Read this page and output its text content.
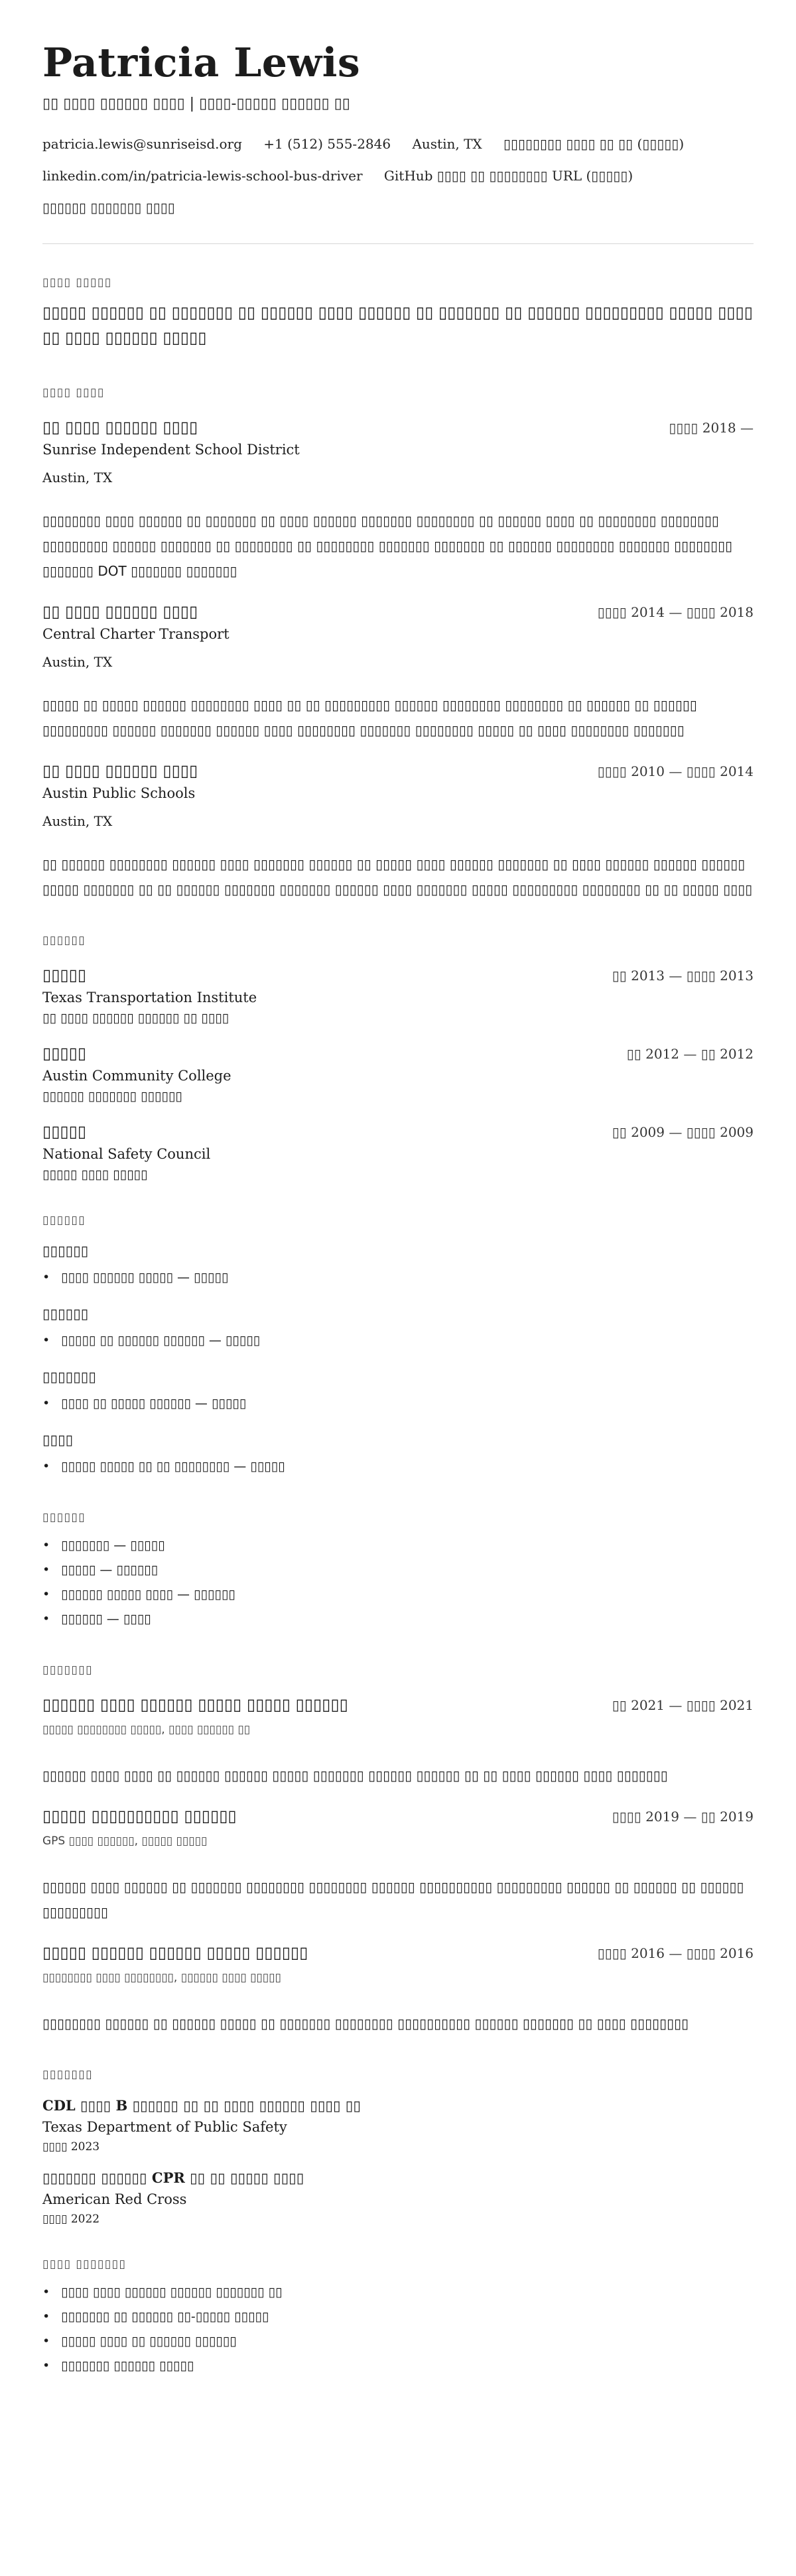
Patricia Lewis
▯▯ ▯▯▯▯ ▯▯▯▯▯▯ ▯▯▯▯ | ▯▯▯▯-▯▯▯▯▯ ▯▯▯▯▯▯ ▯▯
patricia.lewis@sunriseisd.org +1 (512) 555-2846 Austin, TX ▯▯▯▯▯▯▯▯ ▯▯▯▯ ▯▯ ▯▯ (▯▯▯▯▯)
linkedin.com/in/patricia-lewis-school-bus-driver GitHub ▯▯▯▯ ▯▯ ▯▯▯▯▯▯▯▯ URL (▯▯▯▯▯) ▯▯▯▯▯▯ ▯▯▯▯▯▯▯ ▯▯▯▯
▯▯▯▯ ▯▯▯▯▯
▯▯▯▯▯ ▯▯▯▯▯▯ ▯▯ ▯▯▯▯▯▯▯ ▯▯ ▯▯▯▯▯▯ ▯▯▯▯ ▯▯▯▯▯▯ ▯▯ ▯▯▯▯▯▯▯ ▯▯ ▯▯▯▯▯▯ ▯▯▯▯▯▯▯▯▯ ▯▯▯▯▯ ▯▯▯▯ ▯▯ ▯▯▯▯ ▯▯▯▯▯▯ ▯▯▯▯▯
▯▯▯▯ ▯▯▯▯
▯▯ ▯▯▯▯ ▯▯▯▯▯▯ ▯▯▯▯	▯▯▯▯ 2018 —
Sunrise Independent School District
Austin, TX
▯▯▯▯▯▯▯▯ ▯▯▯▯ ▯▯▯▯▯▯ ▯▯ ▯▯▯▯▯▯▯ ▯▯ ▯▯▯▯ ▯▯▯▯▯▯ ▯▯▯▯▯▯▯ ▯▯▯▯▯▯▯▯ ▯▯ ▯▯▯▯▯▯ ▯▯▯▯ ▯▯ ▯▯▯▯▯▯▯▯ ▯▯▯▯▯▯▯▯ ▯▯▯▯▯▯▯▯▯ ▯▯▯▯▯▯ ▯▯▯▯▯▯▯ ▯▯ ▯▯▯▯▯▯▯▯ ▯▯ ▯▯▯▯▯▯▯▯ ▯▯▯▯▯▯▯ ▯▯▯▯▯▯▯ ▯▯ ▯▯▯▯▯▯ ▯▯▯▯▯▯▯▯ ▯▯▯▯▯▯▯ ▯▯▯▯▯▯▯▯ ▯▯▯▯▯▯▯ DOT ▯▯▯▯▯▯▯ ▯▯▯▯▯▯▯
▯▯ ▯▯▯▯ ▯▯▯▯▯▯ ▯▯▯▯	▯▯▯▯ 2014 — ▯▯▯▯ 2018
Central Charter Transport
Austin, TX
▯▯▯▯▯ ▯▯ ▯▯▯▯▯ ▯▯▯▯▯▯ ▯▯▯▯▯▯▯▯ ▯▯▯▯ ▯▯ ▯▯ ▯▯▯▯▯▯▯▯▯ ▯▯▯▯▯▯ ▯▯▯▯▯▯▯▯ ▯▯▯▯▯▯▯▯ ▯▯ ▯▯▯▯▯▯ ▯▯ ▯▯▯▯▯▯ ▯▯▯▯▯▯▯▯▯ ▯▯▯▯▯▯ ▯▯▯▯▯▯▯ ▯▯▯▯▯▯ ▯▯▯▯ ▯▯▯▯▯▯▯▯ ▯▯▯▯▯▯▯ ▯▯▯▯▯▯▯▯ ▯▯▯▯▯ ▯▯ ▯▯▯▯ ▯▯▯▯▯▯▯▯ ▯▯▯▯▯▯▯
▯▯ ▯▯▯▯ ▯▯▯▯▯▯ ▯▯▯▯	▯▯▯▯ 2010 — ▯▯▯▯ 2014
Austin Public Schools
Austin, TX
▯▯ ▯▯▯▯▯▯ ▯▯▯▯▯▯▯▯ ▯▯▯▯▯▯ ▯▯▯▯ ▯▯▯▯▯▯▯ ▯▯▯▯▯▯ ▯▯ ▯▯▯▯▯ ▯▯▯▯ ▯▯▯▯▯▯ ▯▯▯▯▯▯▯ ▯▯ ▯▯▯▯ ▯▯▯▯▯▯ ▯▯▯▯▯▯ ▯▯▯▯▯▯ ▯▯▯▯▯ ▯▯▯▯▯▯▯ ▯▯ ▯▯ ▯▯▯▯▯▯ ▯▯▯▯▯▯▯ ▯▯▯▯▯▯▯ ▯▯▯▯▯▯ ▯▯▯▯ ▯▯▯▯▯▯▯ ▯▯▯▯▯ ▯▯▯▯▯▯▯▯▯ ▯▯▯▯▯▯▯▯ ▯▯ ▯▯ ▯▯▯▯▯ ▯▯▯▯
▯▯▯▯▯▯
▯▯▯▯▯	▯▯ 2013 — ▯▯▯▯ 2013
Texas Transportation Institute
▯▯ ▯▯▯▯ ▯▯▯▯▯▯ ▯▯▯▯▯▯ ▯▯ ▯▯▯▯
▯▯▯▯▯	▯▯ 2012 — ▯▯ 2012
Austin Community College
▯▯▯▯▯▯ ▯▯▯▯▯▯▯ ▯▯▯▯▯▯
▯▯▯▯▯	▯▯ 2009 — ▯▯▯▯ 2009
National Safety Council
▯▯▯▯▯ ▯▯▯▯ ▯▯▯▯▯
▯▯▯▯▯▯
▯▯▯▯▯▯
• ▯▯▯▯ ▯▯▯▯▯▯ ▯▯▯▯▯ — ▯▯▯▯▯
▯▯▯▯▯▯
• ▯▯▯▯▯ ▯▯ ▯▯▯▯▯▯ ▯▯▯▯▯▯ — ▯▯▯▯▯
▯▯▯▯▯▯▯
• ▯▯▯▯ ▯▯ ▯▯▯▯▯ ▯▯▯▯▯▯ — ▯▯▯▯▯
▯▯▯▯
• ▯▯▯▯▯ ▯▯▯▯▯ ▯▯ ▯▯ ▯▯▯▯▯▯▯▯ — ▯▯▯▯▯
▯▯▯▯▯▯
• ▯▯▯▯▯▯▯ — ▯▯▯▯▯
• ▯▯▯▯▯ — ▯▯▯▯▯▯
• ▯▯▯▯▯▯ ▯▯▯▯▯ ▯▯▯▯ — ▯▯▯▯▯▯
• ▯▯▯▯▯▯ — ▯▯▯▯
▯▯▯▯▯▯▯
▯▯▯▯▯▯ ▯▯▯▯ ▯▯▯▯▯▯ ▯▯▯▯▯ ▯▯▯▯▯ ▯▯▯▯▯▯	▯▯ 2021 — ▯▯▯▯ 2021
▯▯▯▯▯ ▯▯▯▯▯▯▯▯ ▯▯▯▯▯, ▯▯▯▯ ▯▯▯▯▯▯ ▯▯
▯▯▯▯▯▯ ▯▯▯▯ ▯▯▯▯ ▯▯ ▯▯▯▯▯▯ ▯▯▯▯▯▯ ▯▯▯▯▯ ▯▯▯▯▯▯▯ ▯▯▯▯▯▯ ▯▯▯▯▯▯ ▯▯ ▯▯ ▯▯▯▯ ▯▯▯▯▯▯ ▯▯▯▯ ▯▯▯▯▯▯▯
▯▯▯▯▯ ▯▯▯▯▯▯▯▯▯▯ ▯▯▯▯▯▯	▯▯▯▯ 2019 — ▯▯ 2019
GPS ▯▯▯▯ ▯▯▯▯▯▯, ▯▯▯▯▯ ▯▯▯▯▯
▯▯▯▯▯▯ ▯▯▯▯ ▯▯▯▯▯▯ ▯▯ ▯▯▯▯▯▯▯ ▯▯▯▯▯▯▯▯ ▯▯▯▯▯▯▯▯ ▯▯▯▯▯▯ ▯▯▯▯▯▯▯▯▯▯ ▯▯▯▯▯▯▯▯▯ ▯▯▯▯▯▯ ▯▯ ▯▯▯▯▯▯ ▯▯ ▯▯▯▯▯▯ ▯▯▯▯▯▯▯▯▯
▯▯▯▯▯ ▯▯▯▯▯▯ ▯▯▯▯▯▯ ▯▯▯▯▯ ▯▯▯▯▯▯	▯▯▯▯ 2016 — ▯▯▯▯ 2016
▯▯▯▯▯▯▯▯ ▯▯▯▯ ▯▯▯▯▯▯▯▯, ▯▯▯▯▯▯ ▯▯▯▯ ▯▯▯▯▯
▯▯▯▯▯▯▯▯ ▯▯▯▯▯▯ ▯▯ ▯▯▯▯▯▯ ▯▯▯▯▯ ▯▯ ▯▯▯▯▯▯▯ ▯▯▯▯▯▯▯▯ ▯▯▯▯▯▯▯▯▯▯ ▯▯▯▯▯▯ ▯▯▯▯▯▯▯ ▯▯ ▯▯▯▯ ▯▯▯▯▯▯▯▯
▯▯▯▯▯▯▯
CDL ▯▯▯▯ B ▯▯▯▯▯▯ ▯▯ ▯▯ ▯▯▯▯ ▯▯▯▯▯▯ ▯▯▯▯ ▯▯
Texas Department of Public Safety
▯▯▯▯ 2023
▯▯▯▯▯▯▯ ▯▯▯▯▯▯ CPR ▯▯ ▯▯ ▯▯▯▯▯ ▯▯▯▯
American Red Cross
▯▯▯▯ 2022
▯▯▯▯ ▯▯▯▯▯▯▯
• ▯▯▯▯ ▯▯▯▯ ▯▯▯▯▯▯ ▯▯▯▯▯▯ ▯▯▯▯▯▯▯ ▯▯
• ▯▯▯▯▯▯▯ ▯▯ ▯▯▯▯▯▯ ▯▯-▯▯▯▯▯ ▯▯▯▯▯
• ▯▯▯▯▯ ▯▯▯▯ ▯▯ ▯▯▯▯▯▯ ▯▯▯▯▯▯
• ▯▯▯▯▯▯▯ ▯▯▯▯▯▯ ▯▯▯▯▯
